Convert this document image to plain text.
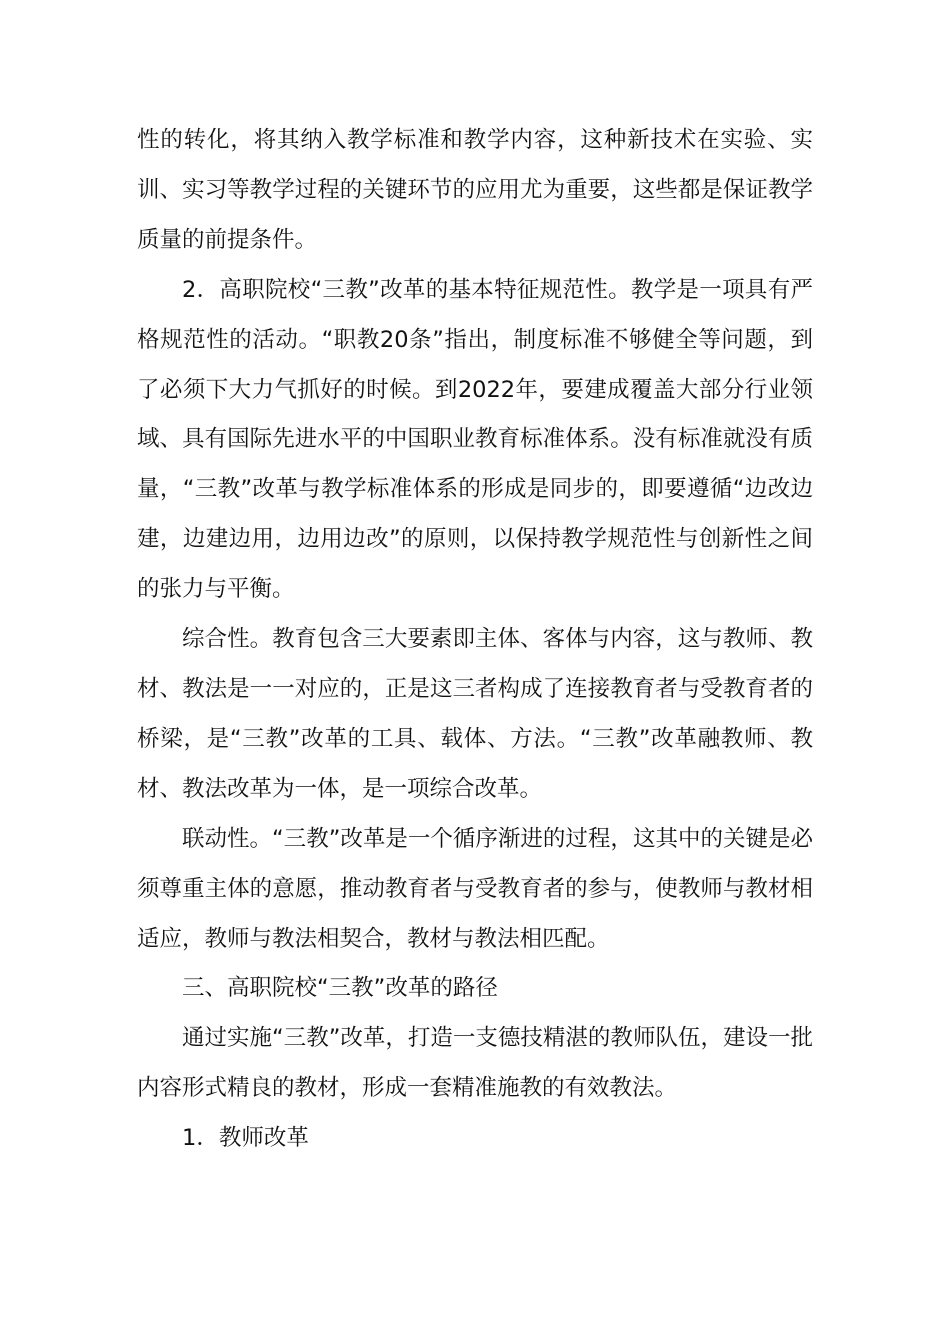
性的转化，将其纳入教学标准和教学内容，这种新技术在实验、实训、实习等教学过程的关键环节的应用尤为重要，这些都是保证教学质量的前提条件。

2．高职院校“三教”改革的基本特征规范性。教学是一项具有严格规范性的活动。“职教20条”指出，制度标准不够健全等问题，到了必须下大力气抓好的时候。到2022年，要建成覆盖大部分行业领域、具有国际先进水平的中国职业教育标准体系。没有标准就没有质量，“三教”改革与教学标准体系的形成是同步的，即要遵循“边改边建，边建边用，边用边改”的原则，以保持教学规范性与创新性之间的张力与平衡。

综合性。教育包含三大要素即主体、客体与内容，这与教师、教材、教法是一一对应的，正是这三者构成了连接教育者与受教育者的桥梁，是“三教”改革的工具、载体、方法。“三教”改革融教师、教材、教法改革为一体，是一项综合改革。

联动性。“三教”改革是一个循序渐进的过程，这其中的关键是必须尊重主体的意愿，推动教育者与受教育者的参与，使教师与教材相适应，教师与教法相契合，教材与教法相匹配。

三、高职院校“三教”改革的路径

通过实施“三教”改革，打造一支德技精湛的教师队伍，建设一批内容形式精良的教材，形成一套精准施教的有效教法。

1．教师改革
